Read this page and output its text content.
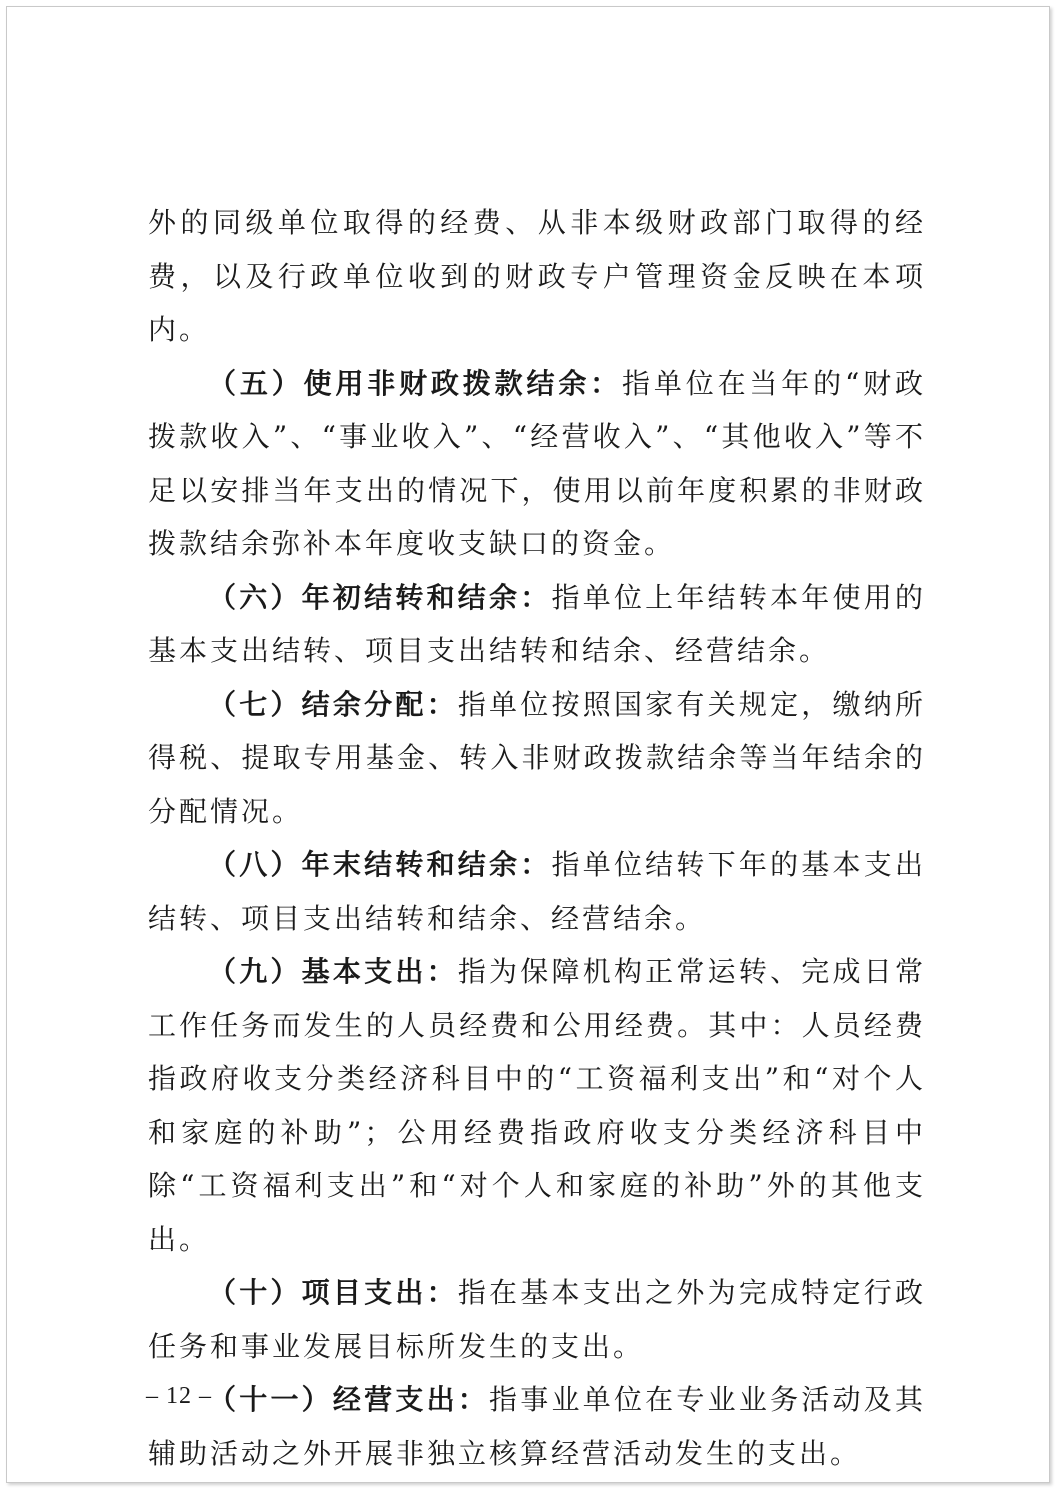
外的同级单位取得的经费、从非本级财政部门取得的经费，以及行政单位收到的财政专户管理资金反映在本项内。

（五）使用非财政拨款结余：指单位在当年的“财政拨款收入”、“事业收入”、“经营收入”、“其他收入”等不足以安排当年支出的情况下，使用以前年度积累的非财政拨款结余弥补本年度收支缺口的资金。

（六）年初结转和结余：指单位上年结转本年使用的基本支出结转、项目支出结转和结余、经营结余。

（七）结余分配：指单位按照国家有关规定，缴纳所得税、提取专用基金、转入非财政拨款结余等当年结余的分配情况。

（八）年末结转和结余：指单位结转下年的基本支出结转、项目支出结转和结余、经营结余。

（九）基本支出：指为保障机构正常运转、完成日常工作任务而发生的人员经费和公用经费。其中：人员经费指政府收支分类经济科目中的“工资福利支出”和“对个人和家庭的补助”；公用经费指政府收支分类经济科目中除“工资福利支出”和“对个人和家庭的补助”外的其他支出。

（十）项目支出：指在基本支出之外为完成特定行政任务和事业发展目标所发生的支出。

（十一）经营支出：指事业单位在专业业务活动及其辅助活动之外开展非独立核算经营活动发生的支出。

– 12 –
